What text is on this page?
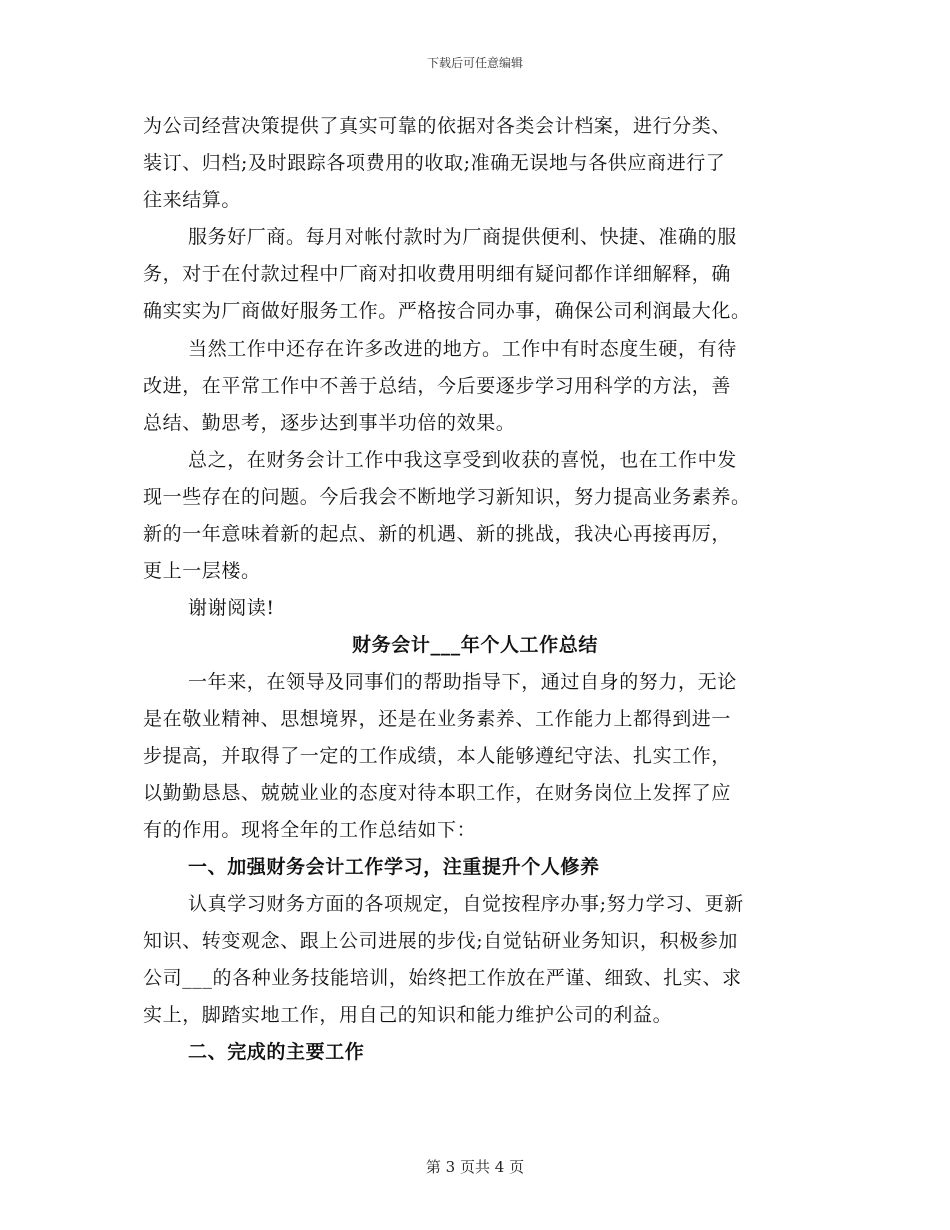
下载后可任意编辑
为公司经营决策提供了真实可靠的依据对各类会计档案，进行分类、
装订、归档;及时跟踪各项费用的收取;准确无误地与各供应商进行了
往来结算。
服务好厂商。每月对帐付款时为厂商提供便利、快捷、准确的服
务，对于在付款过程中厂商对扣收费用明细有疑问都作详细解释，确
确实实为厂商做好服务工作。严格按合同办事，确保公司利润最大化。
当然工作中还存在许多改进的地方。工作中有时态度生硬，有待
改进，在平常工作中不善于总结，今后要逐步学习用科学的方法，善
总结、勤思考，逐步达到事半功倍的效果。
总之，在财务会计工作中我这享受到收获的喜悦，也在工作中发
现一些存在的问题。今后我会不断地学习新知识，努力提高业务素养。
新的一年意味着新的起点、新的机遇、新的挑战，我决心再接再厉，
更上一层楼。
谢谢阅读!
财务会计___年个人工作总结
一年来，在领导及同事们的帮助指导下，通过自身的努力，无论
是在敬业精神、思想境界，还是在业务素养、工作能力上都得到进一
步提高，并取得了一定的工作成绩，本人能够遵纪守法、扎实工作，
以勤勤恳恳、兢兢业业的态度对待本职工作，在财务岗位上发挥了应
有的作用。现将全年的工作总结如下：
一、加强财务会计工作学习，注重提升个人修养
认真学习财务方面的各项规定，自觉按程序办事;努力学习、更新
知识、转变观念、跟上公司进展的步伐;自觉钻研业务知识，积极参加
公司___的各种业务技能培训，始终把工作放在严谨、细致、扎实、求
实上，脚踏实地工作，用自己的知识和能力维护公司的利益。
二、完成的主要工作
第 3 页共 4 页
